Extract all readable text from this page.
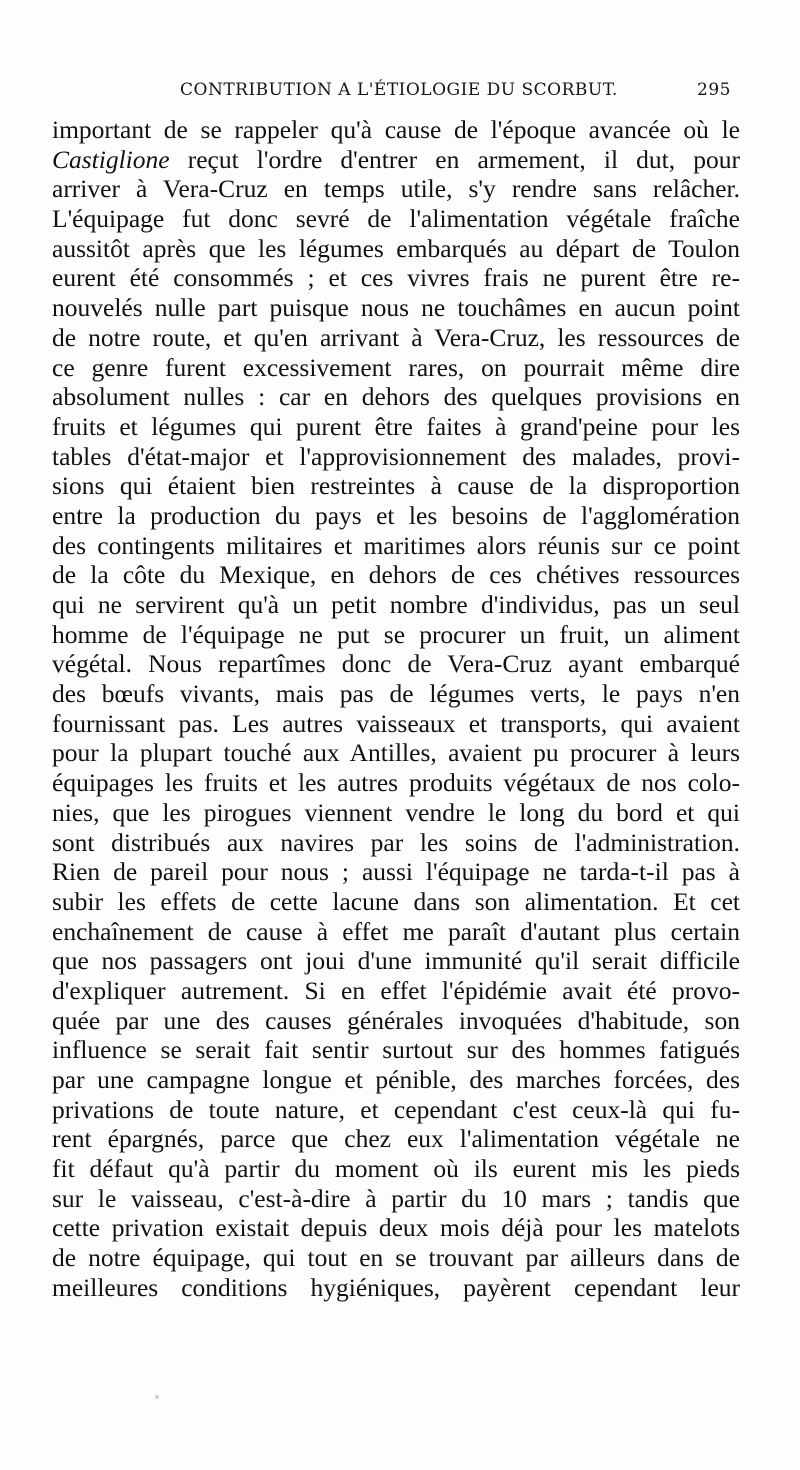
CONTRIBUTION A L'ÉTIOLOGIE DU SCORBUT.	295
important de se rappeler qu'à cause de l'époque avancée où le
Castiglione reçut l'ordre d'entrer en armement, il dut, pour
arriver à Vera-Cruz en temps utile, s'y rendre sans relâcher.
L'équipage fut donc sevré de l'alimentation végétale fraîche
aussitôt après que les légumes embarqués au départ de Toulon
eurent été consommés ; et ces vivres frais ne purent être re-
nouvelés nulle part puisque nous ne touchâmes en aucun point
de notre route, et qu'en arrivant à Vera-Cruz, les ressources de
ce genre furent excessivement rares, on pourrait même dire
absolument nulles : car en dehors des quelques provisions en
fruits et légumes qui purent être faites à grand'peine pour les
tables d'état-major et l'approvisionnement des malades, provi-
sions qui étaient bien restreintes à cause de la disproportion
entre la production du pays et les besoins de l'agglomération
des contingents militaires et maritimes alors réunis sur ce point
de la côte du Mexique, en dehors de ces chétives ressources
qui ne servirent qu'à un petit nombre d'individus, pas un seul
homme de l'équipage ne put se procurer un fruit, un aliment
végétal. Nous repartîmes donc de Vera-Cruz ayant embarqué
des bœufs vivants, mais pas de légumes verts, le pays n'en
fournissant pas. Les autres vaisseaux et transports, qui avaient
pour la plupart touché aux Antilles, avaient pu procurer à leurs
équipages les fruits et les autres produits végétaux de nos colo-
nies, que les pirogues viennent vendre le long du bord et qui
sont distribués aux navires par les soins de l'administration.
Rien de pareil pour nous ; aussi l'équipage ne tarda-t-il pas à
subir les effets de cette lacune dans son alimentation. Et cet
enchaînement de cause à effet me paraît d'autant plus certain
que nos passagers ont joui d'une immunité qu'il serait difficile
d'expliquer autrement. Si en effet l'épidémie avait été provo-
quée par une des causes générales invoquées d'habitude, son
influence se serait fait sentir surtout sur des hommes fatigués
par une campagne longue et pénible, des marches forcées, des
privations de toute nature, et cependant c'est ceux-là qui fu-
rent épargnés, parce que chez eux l'alimentation végétale ne
fit défaut qu'à partir du moment où ils eurent mis les pieds
sur le vaisseau, c'est-à-dire à partir du 10 mars ; tandis que
cette privation existait depuis deux mois déjà pour les matelots
de notre équipage, qui tout en se trouvant par ailleurs dans de
meilleures conditions hygiéniques, payèrent cependant leur
